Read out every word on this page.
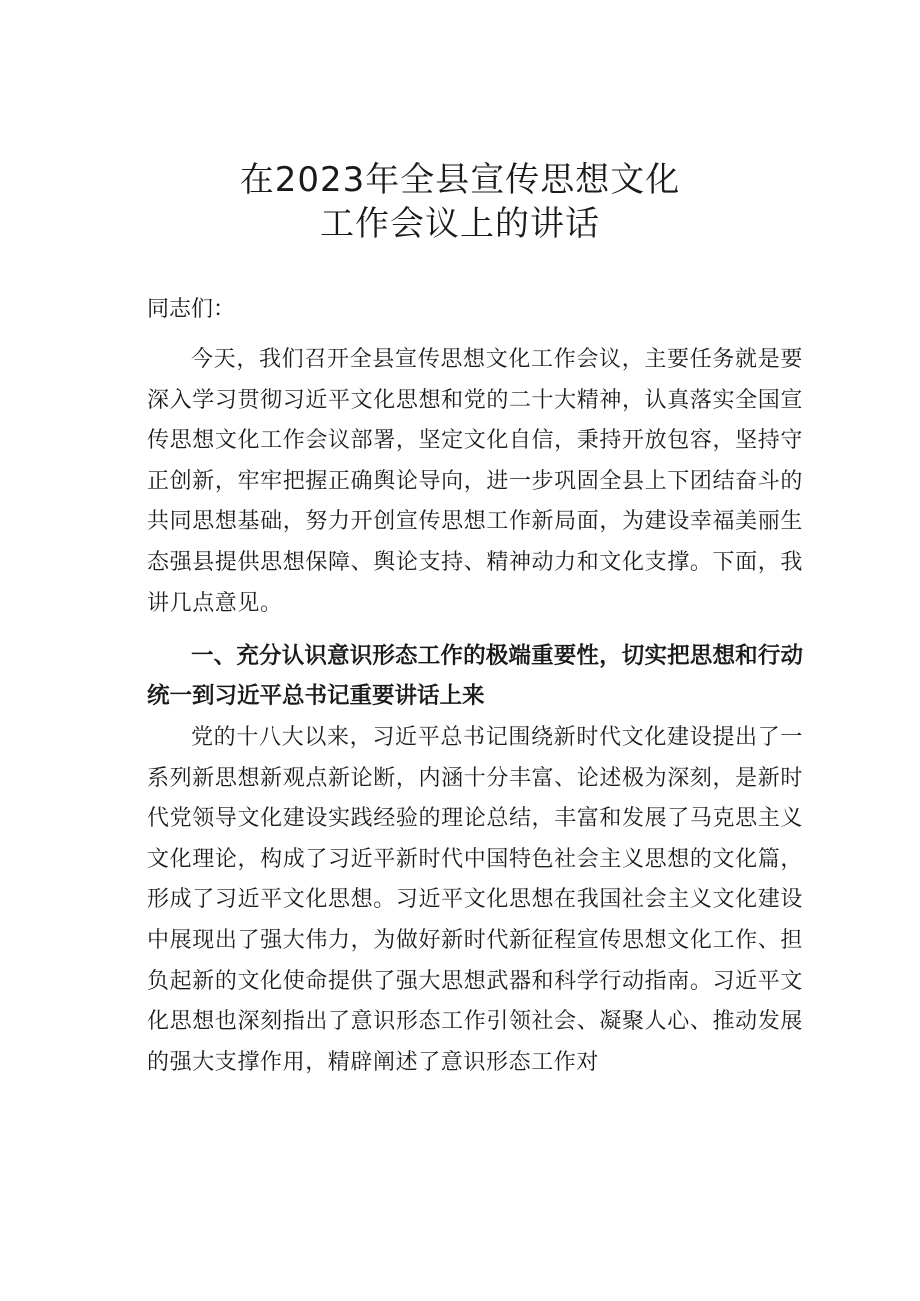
在2023年全县宣传思想文化
工作会议上的讲话

同志们：

今天，我们召开全县宣传思想文化工作会议，主要任务就是要深入学习贯彻习近平文化思想和党的二十大精神，认真落实全国宣传思想文化工作会议部署，坚定文化自信，秉持开放包容，坚持守正创新，牢牢把握正确舆论导向，进一步巩固全县上下团结奋斗的共同思想基础，努力开创宣传思想工作新局面，为建设幸福美丽生态强县提供思想保障、舆论支持、精神动力和文化支撑。下面，我讲几点意见。

一、充分认识意识形态工作的极端重要性，切实把思想和行动统一到习近平总书记重要讲话上来

党的十八大以来，习近平总书记围绕新时代文化建设提出了一系列新思想新观点新论断，内涵十分丰富、论述极为深刻，是新时代党领导文化建设实践经验的理论总结，丰富和发展了马克思主义文化理论，构成了习近平新时代中国特色社会主义思想的文化篇，形成了习近平文化思想。习近平文化思想在我国社会主义文化建设中展现出了强大伟力，为做好新时代新征程宣传思想文化工作、担负起新的文化使命提供了强大思想武器和科学行动指南。习近平文化思想也深刻指出了意识形态工作引领社会、凝聚人心、推动发展的强大支撑作用，精辟阐述了意识形态工作对
